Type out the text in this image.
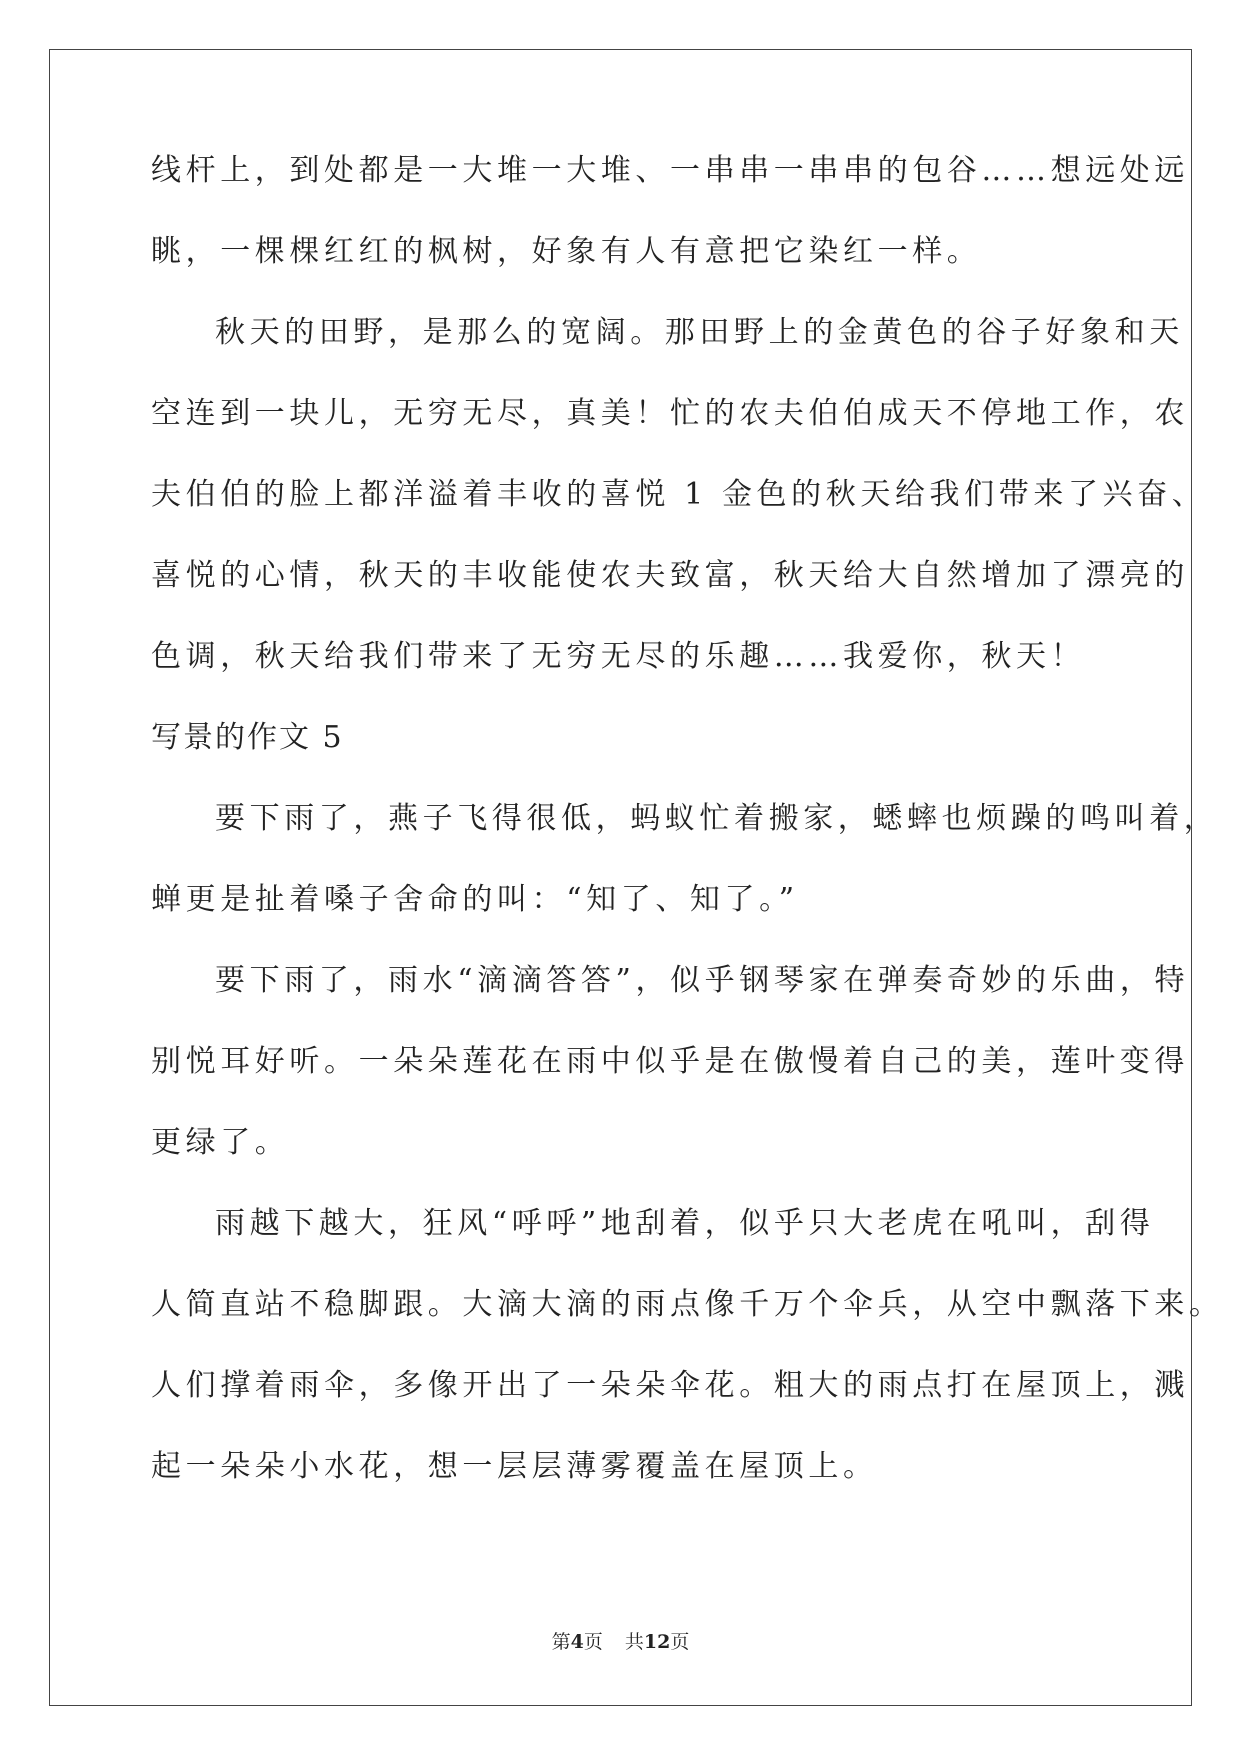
线杆上，到处都是一大堆一大堆、一串串一串串的包谷……想远处远
眺，一棵棵红红的枫树，好象有人有意把它染红一样。
秋天的田野，是那么的宽阔。那田野上的金黄色的谷子好象和天
空连到一块儿，无穷无尽，真美！忙的农夫伯伯成天不停地工作，农
夫伯伯的脸上都洋溢着丰收的喜悦 1 金色的秋天给我们带来了兴奋、
喜悦的心情，秋天的丰收能使农夫致富，秋天给大自然增加了漂亮的
色调，秋天给我们带来了无穷无尽的乐趣……我爱你，秋天！
写景的作文 5
要下雨了，燕子飞得很低，蚂蚁忙着搬家，蟋蟀也烦躁的鸣叫着，
蝉更是扯着嗓子舍命的叫：“知了、知了。”
要下雨了，雨水“滴滴答答”，似乎钢琴家在弹奏奇妙的乐曲，特
别悦耳好听。一朵朵莲花在雨中似乎是在傲慢着自己的美，莲叶变得
更绿了。
雨越下越大，狂风“呼呼”地刮着，似乎只大老虎在吼叫，刮得
人简直站不稳脚跟。大滴大滴的雨点像千万个伞兵，从空中飘落下来。
人们撑着雨伞，多像开出了一朵朵伞花。粗大的雨点打在屋顶上，溅
起一朵朵小水花，想一层层薄雾覆盖在屋顶上。
第4页 共12页
